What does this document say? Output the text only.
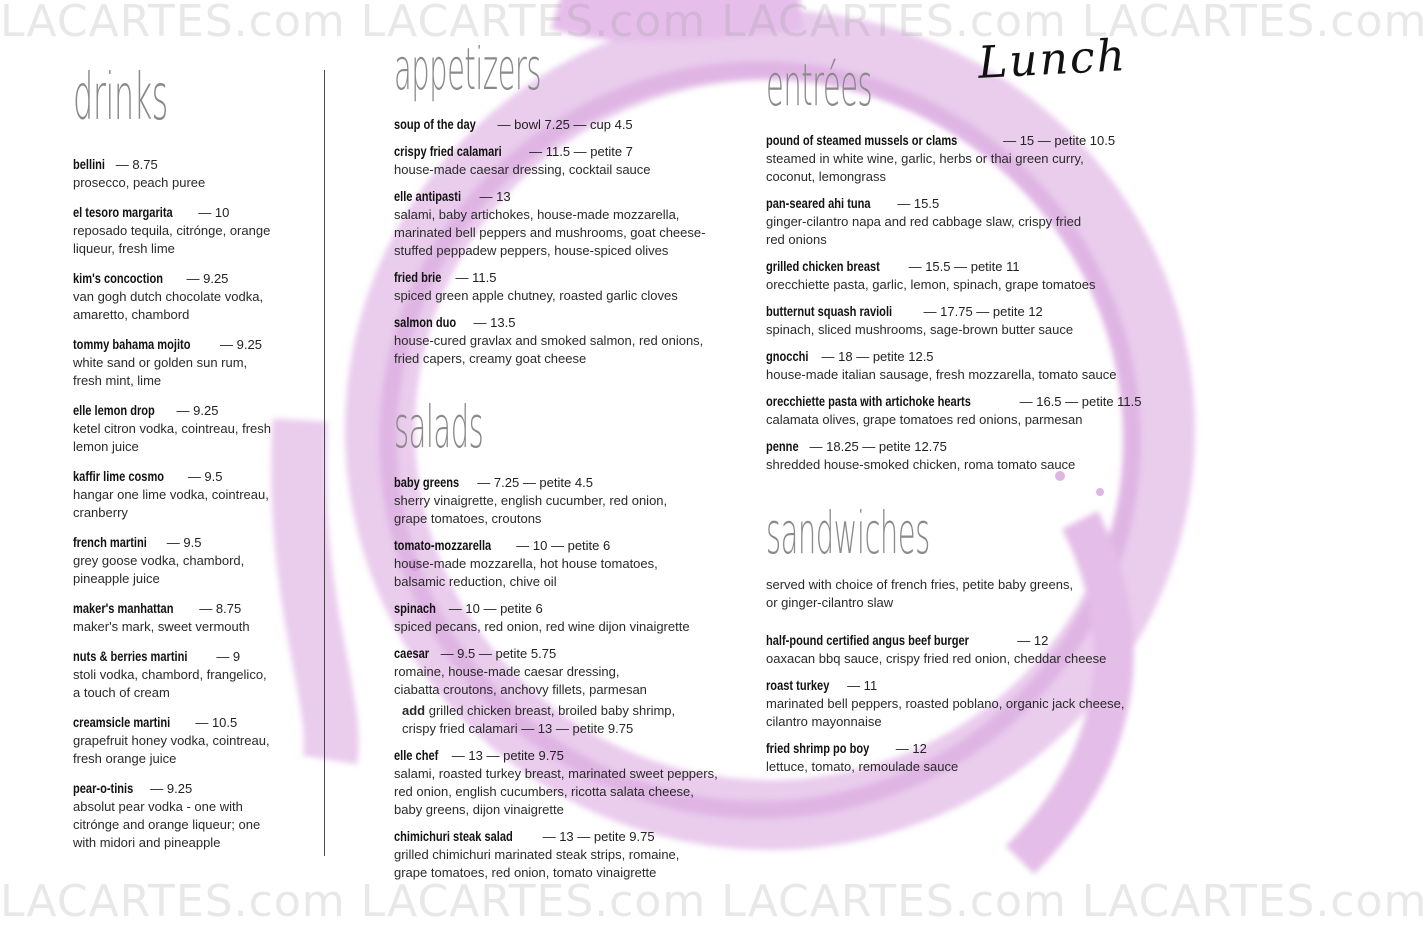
LACARTES.com LACARTES.com LACARTES.com LACARTES.com
LACARTES.com LACARTES.com LACARTES.com LACARTES.com
Lunch
drinks
bellini — 8.75
prosecco, peach puree
el tesoro margarita — 10
reposado tequila, citrónge, orange
liqueur, fresh lime
kim's concoction — 9.25
van gogh dutch chocolate vodka,
amaretto, chambord
tommy bahama mojito — 9.25
white sand or golden sun rum,
fresh mint, lime
elle lemon drop — 9.25
ketel citron vodka, cointreau, fresh
lemon juice
kaffir lime cosmo — 9.5
hangar one lime vodka, cointreau,
cranberry
french martini — 9.5
grey goose vodka, chambord,
pineapple juice
maker's manhattan — 8.75
maker's mark, sweet vermouth
nuts & berries martini — 9
stoli vodka, chambord, frangelico,
a touch of cream
creamsicle martini — 10.5
grapefruit honey vodka, cointreau,
fresh orange juice
pear-o-tinis — 9.25
absolut pear vodka - one with
citrónge and orange liqueur; one
with midori and pineapple
appetizers
soup of the day — bowl 7.25 — cup 4.5
crispy fried calamari — 11.5 — petite 7
house-made caesar dressing, cocktail sauce
elle antipasti — 13
salami, baby artichokes, house-made mozzarella,
marinated bell peppers and mushrooms, goat cheese-
stuffed peppadew peppers, house-spiced olives
fried brie — 11.5
spiced green apple chutney, roasted garlic cloves
salmon duo — 13.5
house-cured gravlax and smoked salmon, red onions,
fried capers, creamy goat cheese
salads
baby greens — 7.25 — petite 4.5
sherry vinaigrette, english cucumber, red onion,
grape tomatoes, croutons
tomato-mozzarella — 10 — petite 6
house-made mozzarella, hot house tomatoes,
balsamic reduction, chive oil
spinach — 10 — petite 6
spiced pecans, red onion, red wine dijon vinaigrette
caesar — 9.5 — petite 5.75
romaine, house-made caesar dressing,
ciabatta croutons, anchovy fillets, parmesan
add grilled chicken breast, broiled baby shrimp,
crispy fried calamari — 13 — petite 9.75
elle chef — 13 — petite 9.75
salami, roasted turkey breast, marinated sweet peppers,
red onion, english cucumbers, ricotta salata cheese,
baby greens, dijon vinaigrette
chimichuri steak salad — 13 — petite 9.75
grilled chimichuri marinated steak strips, romaine,
grape tomatoes, red onion, tomato vinaigrette
entrées
pound of steamed mussels or clams	— 15 — petite 10.5
steamed in white wine, garlic, herbs or thai green curry,
coconut, lemongrass
pan-seared ahi tuna — 15.5
ginger-cilantro napa and red cabbage slaw, crispy fried
red onions
grilled chicken breast — 15.5 — petite 11
orecchiette pasta, garlic, lemon, spinach, grape tomatoes
butternut squash ravioli — 17.75 — petite 12
spinach, sliced mushrooms, sage-brown butter sauce
gnocchi — 18 — petite 12.5
house-made italian sausage, fresh mozzarella, tomato sauce
orecchiette pasta with artichoke hearts	— 16.5 — petite 11.5
calamata olives, grape tomatoes red onions, parmesan
penne — 18.25 — petite 12.75
shredded house-smoked chicken, roma tomato sauce
sandwiches
served with choice of french fries, petite baby greens,
or ginger-cilantro slaw
half-pound certified angus beef burger	— 12
oaxacan bbq sauce, crispy fried red onion, cheddar cheese
roast turkey — 11
marinated bell peppers, roasted poblano, organic jack cheese,
cilantro mayonnaise
fried shrimp po boy — 12
lettuce, tomato, remoulade sauce
